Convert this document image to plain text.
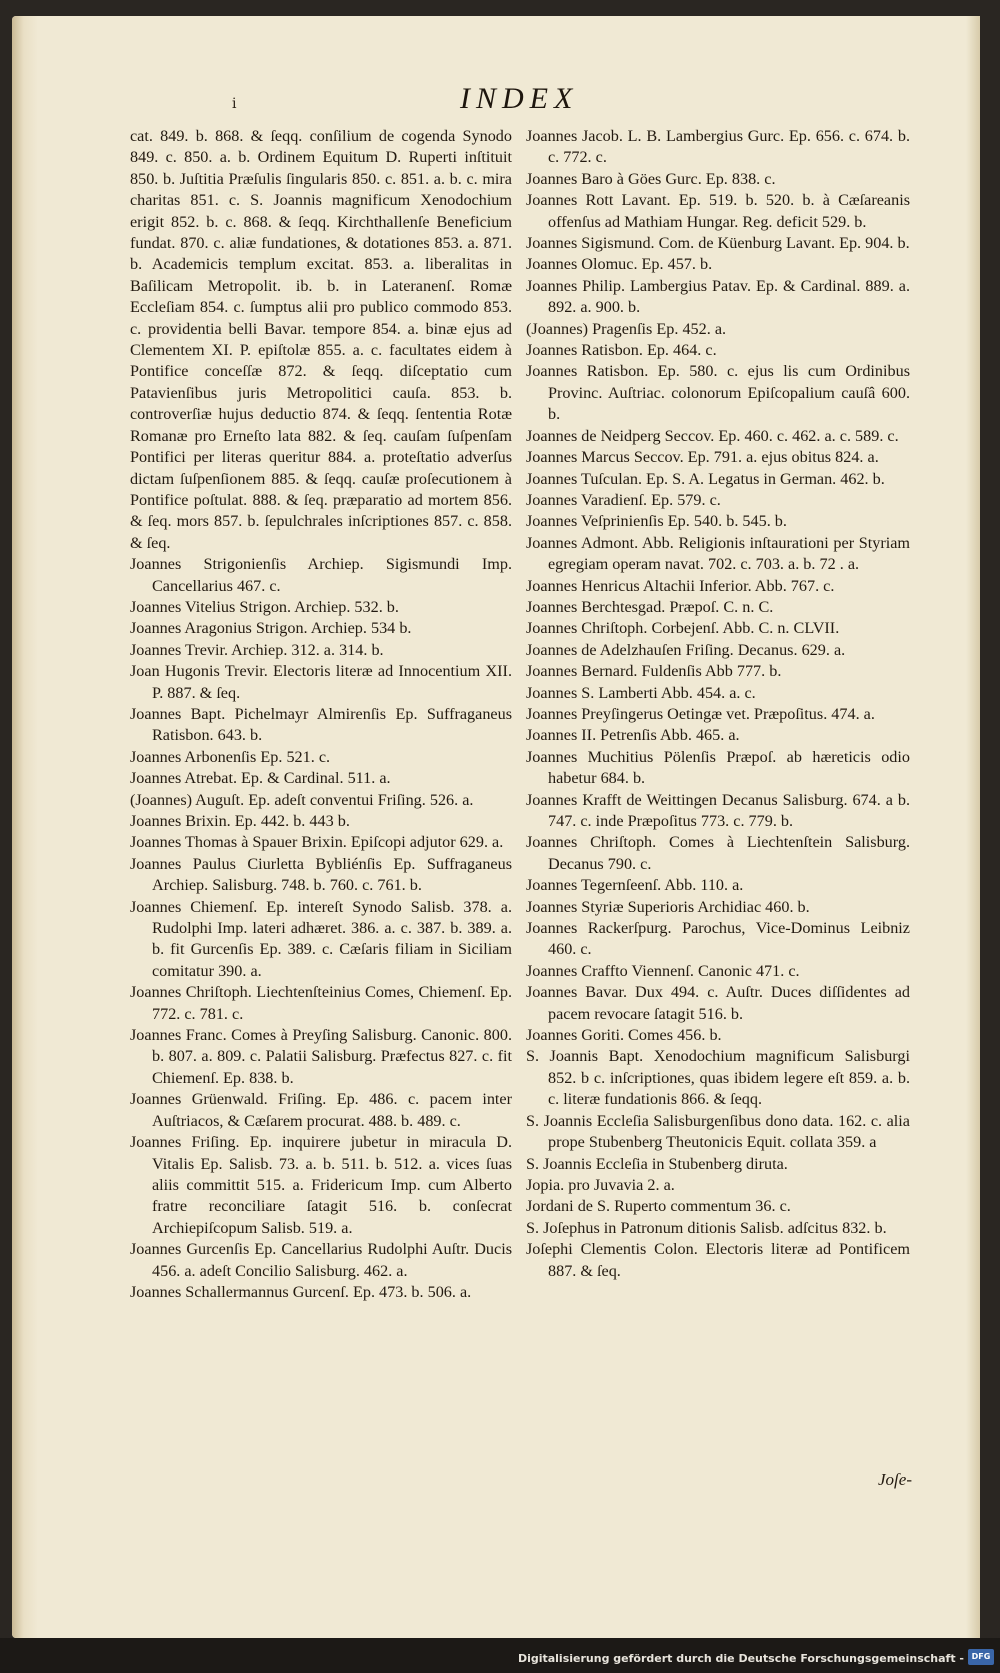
i	INDEX

cat. 849. b. 868. & ſeqq. conſilium de cogenda Synodo 849. c. 850. a. b. Ordinem Equitum D. Ruperti inſtituit 850. b. Juſtitia Præſulis ſingularis 850. c. 851. a. b. c. mira charitas 851. c. S. Joannis magnificum Xenodochium erigit 852. b. c. 868. & ſeqq. Kirchthallenſe Beneficium fundat. 870. c. aliæ fundationes, & dotationes 853. a. 871. b. Academicis templum excitat. 853. a. liberalitas in Baſilicam Metropolit. ib. b. in Lateranenſ. Romæ Eccleſiam 854. c. ſumptus alii pro publico commodo 853. c. providentia belli Bavar. tempore 854. a. binæ ejus ad Clementem XI. P. epiſtolæ 855. a. c. facultates eidem à Pontifice conceſſæ 872. & ſeqq. diſceptatio cum Patavienſibus juris Metropolitici cauſa. 853. b. controverſiæ hujus deductio 874. & ſeqq. ſententia Rotæ Romanæ pro Erneſto lata 882. & ſeq. cauſam ſuſpenſam Pontifici per literas queritur 884. a. proteſtatio adverſus dictam ſuſpenſionem 885. & ſeqq. cauſæ proſecutionem à Pontifice poſtulat. 888. & ſeq. præparatio ad mortem 856. & ſeq. mors 857. b. ſepulchrales inſcriptiones 857. c. 858. & ſeq.

Joannes Strigonienſis Archiep. Sigismundi Imp. Cancellarius 467. c.

Joannes Vitelius Strigon. Archiep. 532. b.

Joannes Aragonius Strigon. Archiep. 534 b.

Joannes Trevir. Archiep. 312. a. 314. b.

Joan Hugonis Trevir. Electoris literæ ad Innocentium XII. P. 887. & ſeq.

Joannes Bapt. Pichelmayr Almirenſis Ep. Suffraganeus Ratisbon. 643. b.

Joannes Arbonenſis Ep. 521. c.

Joannes Atrebat. Ep. & Cardinal. 511. a.

(Joannes) Auguſt. Ep. adeſt conventui Friſing. 526. a.

Joannes Brixin. Ep. 442. b. 443 b.

Joannes Thomas à Spauer Brixin. Epiſcopi adjutor 629. a.

Joannes Paulus Ciurletta Bybliénſis Ep. Suffraganeus Archiep. Salisburg. 748. b. 760. c. 761. b.

Joannes Chiemenſ. Ep. intereſt Synodo Salisb. 378. a. Rudolphi Imp. lateri adhæret. 386. a. c. 387. b. 389. a. b. fit Gurcenſis Ep. 389. c. Cæſaris filiam in Siciliam comitatur 390. a.

Joannes Chriſtoph. Liechtenſteinius Comes, Chiemenſ. Ep. 772. c. 781. c.

Joannes Franc. Comes à Preyſing Salisburg. Canonic. 800. b. 807. a. 809. c. Palatii Salisburg. Præfectus 827. c. fit Chiemenſ. Ep. 838. b.

Joannes Grüenwald. Friſing. Ep. 486. c. pacem inter Auſtriacos, & Cæſarem procurat. 488. b. 489. c.

Joannes Friſing. Ep. inquirere jubetur in miracula D. Vitalis Ep. Salisb. 73. a. b. 511. b. 512. a. vices ſuas aliis committit 515. a. Fridericum Imp. cum Alberto fratre reconciliare ſatagit 516. b. conſecrat Archiepiſcopum Salisb. 519. a.

Joannes Gurcenſis Ep. Cancellarius Rudolphi Auſtr. Ducis 456. a. adeſt Concilio Salisburg. 462. a.

Joannes Schallermannus Gurcenſ. Ep. 473. b. 506. a.

Joannes Jacob. L. B. Lambergius Gurc. Ep. 656. c. 674. b. c. 772. c.

Joannes Baro à Göes Gurc. Ep. 838. c.

Joannes Rott Lavant. Ep. 519. b. 520. b. à Cæſareanis offenſus ad Mathiam Hungar. Reg. deficit 529. b.

Joannes Sigismund. Com. de Küenburg Lavant. Ep. 904. b.

Joannes Olomuc. Ep. 457. b.

Joannes Philip. Lambergius Patav. Ep. & Cardinal. 889. a. 892. a. 900. b.

(Joannes) Pragenſis Ep. 452. a.

Joannes Ratisbon. Ep. 464. c.

Joannes Ratisbon. Ep. 580. c. ejus lis cum Ordinibus Provinc. Auſtriac. colonorum Epiſcopalium cauſâ 600. b.

Joannes de Neidperg Seccov. Ep. 460. c. 462. a. c. 589. c.

Joannes Marcus Seccov. Ep. 791. a. ejus obitus 824. a.

Joannes Tuſculan. Ep. S. A. Legatus in German. 462. b.

Joannes Varadienſ. Ep. 579. c.

Joannes Veſprinienſis Ep. 540. b. 545. b.

Joannes Admont. Abb. Religionis inſtaurationi per Styriam egregiam operam navat. 702. c. 703. a. b. 72 . a.

Joannes Henricus Altachii Inferior. Abb. 767. c.

Joannes Berchtesgad. Præpoſ. C. n. C.

Joannes Chriſtoph. Corbejenſ. Abb. C. n. CLVII.

Joannes de Adelzhauſen Friſing. Decanus. 629. a.

Joannes Bernard. Fuldenſis Abb 777. b.

Joannes S. Lamberti Abb. 454. a. c.

Joannes Preyſingerus Oetingæ vet. Præpoſitus. 474. a.

Joannes II. Petrenſis Abb. 465. a.

Joannes Muchitius Pölenſis Præpoſ. ab hæreticis odio habetur 684. b.

Joannes Krafft de Weittingen Decanus Salisburg. 674. a b. 747. c. inde Præpoſitus 773. c. 779. b.

Joannes Chriſtoph. Comes à Liechtenſtein Salisburg. Decanus 790. c.

Joannes Tegernſeenſ. Abb. 110. a.

Joannes Styriæ Superioris Archidiac 460. b.

Joannes Rackerſpurg. Parochus, Vice-Dominus Leibniz 460. c.

Joannes Craffto Viennenſ. Canonic 471. c.

Joannes Bavar. Dux 494. c. Auſtr. Duces diſſidentes ad pacem revocare ſatagit 516. b.

Joannes Goriti. Comes 456. b.

S. Joannis Bapt. Xenodochium magnificum Salisburgi 852. b c. inſcriptiones, quas ibidem legere eſt 859. a. b. c. literæ fundationis 866. & ſeqq.

S. Joannis Eccleſia Salisburgenſibus dono data. 162. c. alia prope Stubenberg Theutonicis Equit. collata 359. a

S. Joannis Eccleſia in Stubenberg diruta.

Jopia. pro Juvavia 2. a.

Jordani de S. Ruperto commentum 36. c.

S. Joſephus in Patronum ditionis Salisb. adſcitus 832. b.

Joſephi Clementis Colon. Electoris literæ ad Pontificem 887. & ſeq.

Joſe-
Digitalisierung gefördert durch die Deutsche Forschungsgemeinschaft - DFG
